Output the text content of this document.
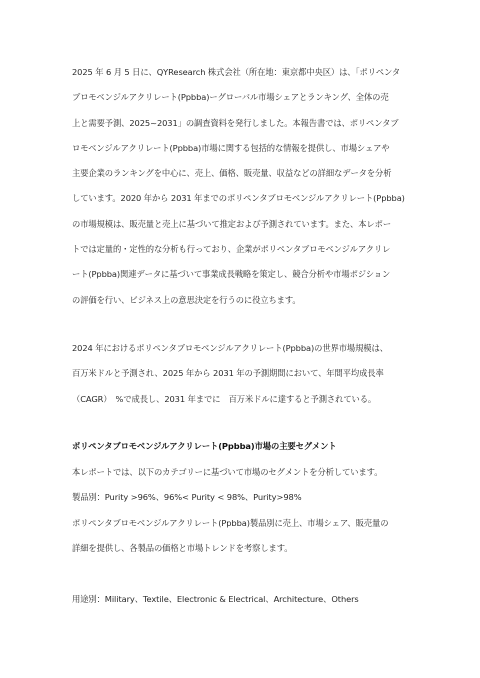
2025 年 6 月 5 日に、QYResearch 株式会社（所在地：東京都中央区）は、「ポリペンタ
ブロモベンジルアクリレート(Ppbba)ーグローバル市場シェアとランキング、全体の売
上と需要予測、2025~2031」の調査資料を発行しました。本報告書では、ポリペンタブ
ロモベンジルアクリレート(Ppbba)市場に関する包括的な情報を提供し、市場シェアや
主要企業のランキングを中心に、売上、価格、販売量、収益などの詳細なデータを分析
しています。2020 年から 2031 年までのポリペンタブロモベンジルアクリレート(Ppbba)
の市場規模は、販売量と売上に基づいて推定および予測されています。また、本レポー
トでは定量的・定性的な分析も行っており、企業がポリペンタブロモベンジルアクリレ
ート(Ppbba)関連データに基づいて事業成長戦略を策定し、競合分析や市場ポジション
の評価を行い、ビジネス上の意思決定を行うのに役立ちます。
2024 年におけるポリペンタブロモベンジルアクリレート(Ppbba)の世界市場規模は、
百万米ドルと予測され、2025 年から 2031 年の予測期間において、年間平均成長率
（CAGR）　%で成長し、2031 年までに　百万米ドルに達すると予測されている。
ポリペンタブロモベンジルアクリレート(Ppbba)市場の主要セグメント
本レポートでは、以下のカテゴリーに基づいて市場のセグメントを分析しています。
製品別：Purity >96%、96%< Purity < 98%、Purity>98%
ポリペンタブロモベンジルアクリレート(Ppbba)製品別に売上、市場シェア、販売量の
詳細を提供し、各製品の価格と市場トレンドを考察します。
用途別：Military、Textile、Electronic & Electrical、Architecture、Others
